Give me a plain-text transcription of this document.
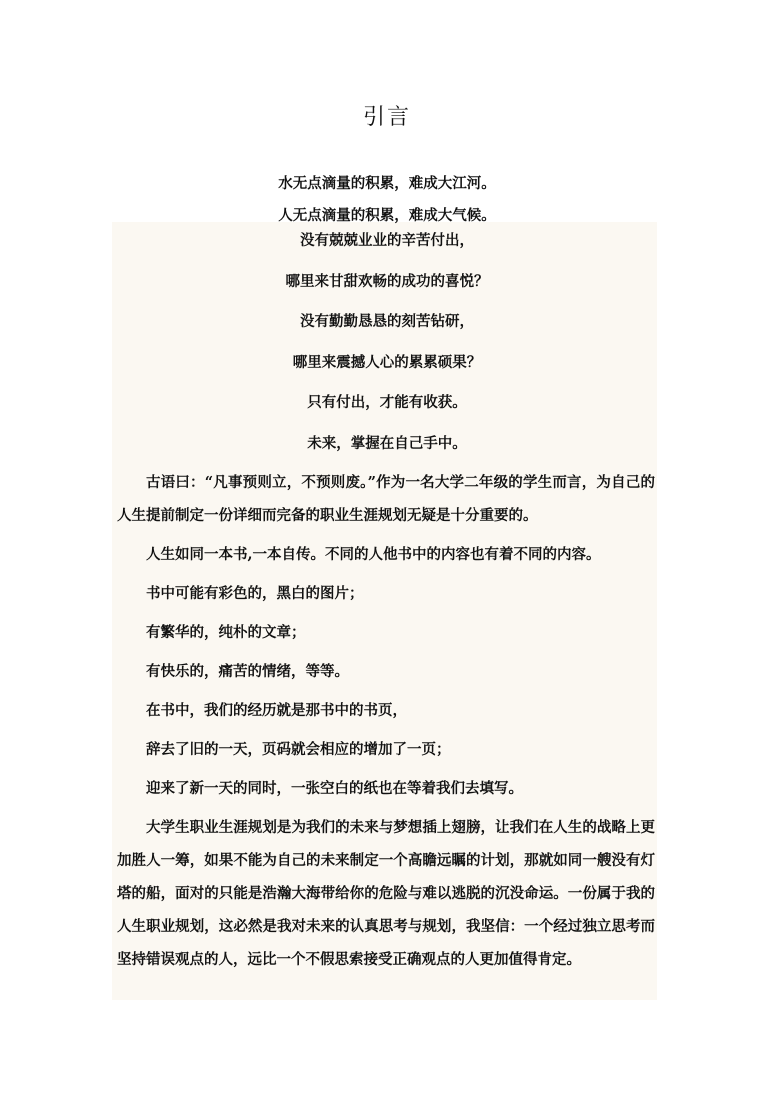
引言
水无点滴量的积累，难成大江河。
人无点滴量的积累，难成大气候。
没有兢兢业业的辛苦付出，
哪里来甘甜欢畅的成功的喜悦？
没有勤勤恳恳的刻苦钻研，
哪里来震撼人心的累累硕果？
只有付出，才能有收获。
未来，掌握在自己手中。

古语曰：“凡事预则立，不预则废。”作为一名大学二年级的学生而言，为自己的人生提前制定一份详细而完备的职业生涯规划无疑是十分重要的。

人生如同一本书,一本自传。不同的人他书中的内容也有着不同的内容。

书中可能有彩色的，黑白的图片；

有繁华的，纯朴的文章；

有快乐的，痛苦的情绪，等等。

在书中，我们的经历就是那书中的书页，

辞去了旧的一天，页码就会相应的增加了一页；

迎来了新一天的同时，一张空白的纸也在等着我们去填写。

大学生职业生涯规划是为我们的未来与梦想插上翅膀，让我们在人生的战略上更加胜人一筹，如果不能为自己的未来制定一个高瞻远瞩的计划，那就如同一艘没有灯塔的船，面对的只能是浩瀚大海带给你的危险与难以逃脱的沉没命运。一份属于我的人生职业规划，这必然是我对未来的认真思考与规划，我坚信：一个经过独立思考而坚持错误观点的人，远比一个不假思索接受正确观点的人更加值得肯定。
